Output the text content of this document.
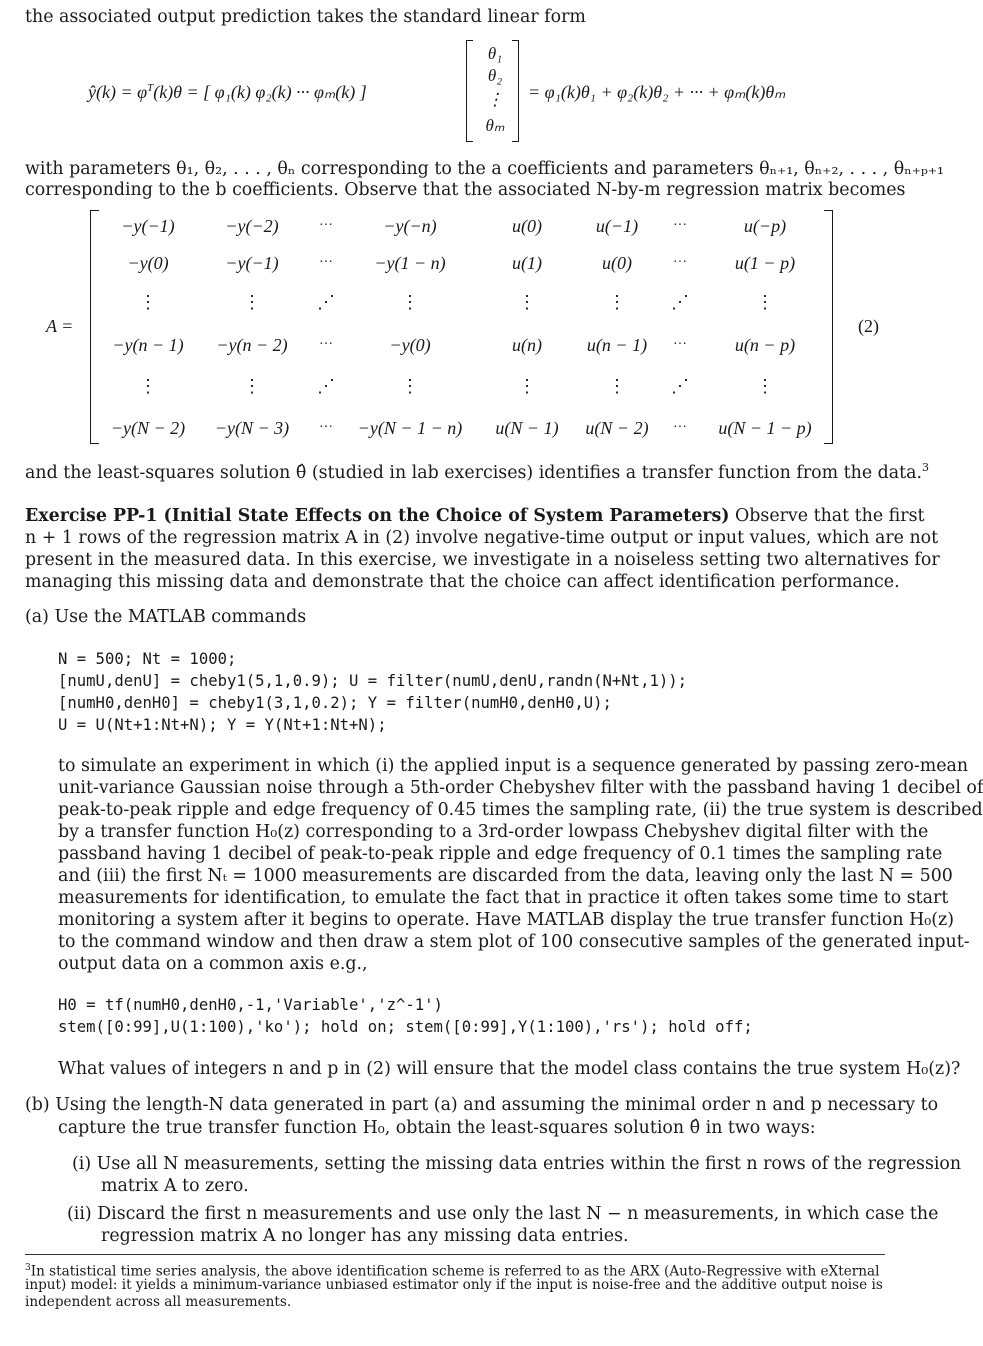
the associated output prediction takes the standard linear form
ŷ(k) = $\varphi^T(k)\theta$ = [ φ₁(k) φ₂(k) ··· φₘ(k) ]
θ₁
θ₂
⋮
θₘ
= φ₁(k)θ₁ + φ₂(k)θ₂ + ··· + φₘ(k)θₘ
with parameters θ₁, θ₂, . . . , θₙ corresponding to the a coefficients and parameters θₙ₊₁, θₙ₊₂, . . . , θₙ₊ₚ₊₁
corresponding to the b coefficients. Observe that the associated N-by-m regression matrix becomes
A =	(2)
−y(−1)	−y(−2)	···	−y(−n)	u(0)	u(−1)	···	u(−p)
−y(0)	−y(−1)	···	−y(1 − n)	u(1)	u(0)	···	u(1 − p)
⋮	⋮	⋰	⋮	⋮	⋮	⋰	⋮
−y(n − 1)	−y(n − 2)	···	−y(0)	u(n)	u(n − 1)	···	u(n − p)
⋮	⋮	⋰	⋮	⋮	⋮	⋰	⋮
−y(N − 2)	−y(N − 3)	···	−y(N − 1 − n)	u(N − 1)	u(N − 2)	···	u(N − 1 − p)
and the least-squares solution θ̂ (studied in lab exercises) identifies a transfer function from the data.$^3$
Exercise PP-1 (Initial State Effects on the Choice of System Parameters) Observe that the first
n + 1 rows of the regression matrix A in (2) involve negative-time output or input values, which are not
present in the measured data. In this exercise, we investigate in a noiseless setting two alternatives for
managing this missing data and demonstrate that the choice can affect identification performance.
(a) Use the MATLAB commands
N = 500; Nt = 1000;
[numU,denU] = cheby1(5,1,0.9); U = filter(numU,denU,randn(N+Nt,1));
[numH0,denH0] = cheby1(3,1,0.2); Y = filter(numH0,denH0,U);
U = U(Nt+1:Nt+N); Y = Y(Nt+1:Nt+N);
to simulate an experiment in which (i) the applied input is a sequence generated by passing zero-mean
unit-variance Gaussian noise through a 5th-order Chebyshev filter with the passband having 1 decibel of
peak-to-peak ripple and edge frequency of 0.45 times the sampling rate, (ii) the true system is described
by a transfer function H₀(z) corresponding to a 3rd-order lowpass Chebyshev digital filter with the
passband having 1 decibel of peak-to-peak ripple and edge frequency of 0.1 times the sampling rate
and (iii) the first Nₜ = 1000 measurements are discarded from the data, leaving only the last N = 500
measurements for identification, to emulate the fact that in practice it often takes some time to start
monitoring a system after it begins to operate. Have MATLAB display the true transfer function H₀(z)
to the command window and then draw a stem plot of 100 consecutive samples of the generated input-
output data on a common axis e.g.,
H0 = tf(numH0,denH0,-1,'Variable','z^-1')
stem([0:99],U(1:100),'ko'); hold on; stem([0:99],Y(1:100),'rs'); hold off;
What values of integers n and p in (2) will ensure that the model class contains the true system H₀(z)?
(b) Using the length-N data generated in part (a) and assuming the minimal order n and p necessary to
capture the true transfer function H₀, obtain the least-squares solution θ̂ in two ways:
(i) Use all N measurements, setting the missing data entries within the first n rows of the regression
matrix A to zero.
(ii) Discard the first n measurements and use only the last N − n measurements, in which case the
regression matrix A no longer has any missing data entries.
$^3$In statistical time series analysis, the above identification scheme is referred to as the ARX (Auto-Regressive with eXternal
input) model: it yields a minimum-variance unbiased estimator only if the input is noise-free and the additive output noise is
independent across all measurements.
